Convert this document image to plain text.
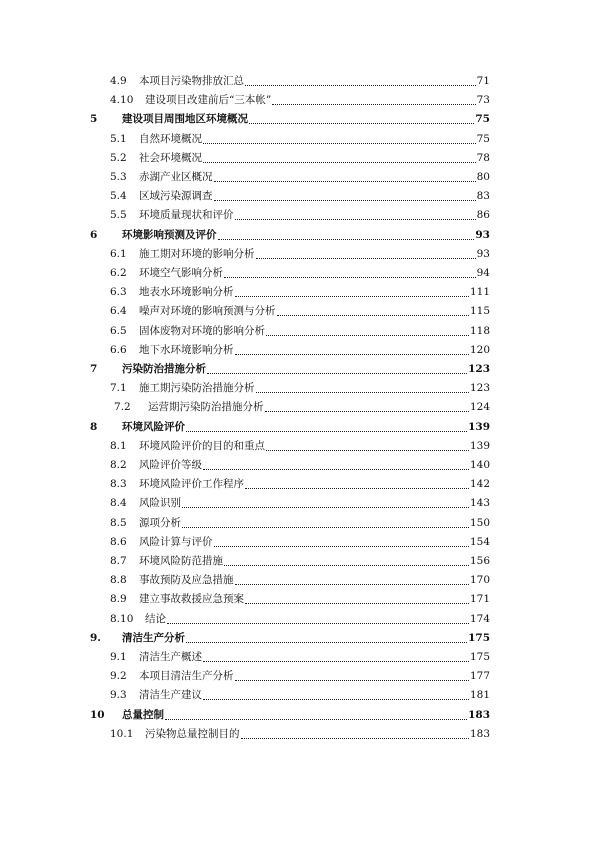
4.9	本项目污染物排放汇总	71
4.10	建设项目改建前后“三本帐”	73
5	建设项目周围地区环境概况	75
5.1	自然环境概况	75
5.2	社会环境概况	78
5.3	赤湖产业区概况	80
5.4	区域污染源调查	83
5.5	环境质量现状和评价	86
6	环境影响预测及评价	93
6.1	施工期对环境的影响分析	93
6.2	环境空气影响分析	94
6.3	地表水环境影响分析	111
6.4	噪声对环境的影响预测与分析	115
6.5	固体废物对环境的影响分析	118
6.6	地下水环境影响分析	120
7	污染防治措施分析	123
7.1	施工期污染防治措施分析	123
7.2	运营期污染防治措施分析	124
8	环境风险评价	139
8.1	环境风险评价的目的和重点	139
8.2	风险评价等级	140
8.3	环境风险评价工作程序	142
8.4	风险识别	143
8.5	源项分析	150
8.6	风险计算与评价	154
8.7	环境风险防范措施	156
8.8	事故预防及应急措施	170
8.9	建立事故救援应急预案	171
8.10	结论	174
9.	清洁生产分析	175
9.1	清洁生产概述	175
9.2	本项目清洁生产分析	177
9.3	清洁生产建议	181
10	总量控制	183
10.1	污染物总量控制目的	183
